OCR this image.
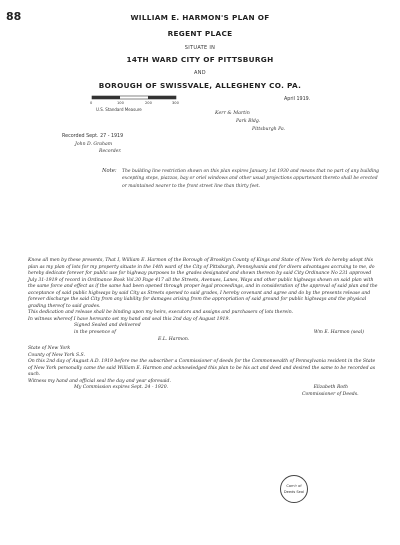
88	WILLIAM E. HARMON'S PLAN OF
REGENT PLACE
SITUATE IN
14TH WARD CITY OF PITTSBURGH
AND
BOROUGH OF SWISSVALE, ALLEGHENY CO. PA.
0	100	200	300
U.S. Standard Measure
April 1919.
Kerr & Martin
Park Bldg.
Pittsburgh Pa.
Recorded Sept. 27 - 1919
John D. Graham
Recorder.
Note: The building line restriction shown on this plan expires January 1st 1930 and means that no part of any building excepting steps, piazzas, bay or oriel windows and other usual projections appurtenant thereto shall be erected or maintained nearer to the front street line than thirty feet.

Know all men by these presents, That I, William E. Harmon of the Borough of Brooklyn County of Kings and State of New York do hereby adopt this plan as my plan of lots for my property situate in the 14th ward of the City of Pittsburgh, Pennsylvania and for divers advantages accruing to me, do hereby dedicate forever for public use for highway purposes to the grades designated and shown thereon by said City Ordinance No 231 approved July 31-1919 of record in Ordinance Book Vol.30 Page 417 all the Streets, Avenues, Lanes, Ways and other public highways shown on said plan with the same force and effect as if the same had been opened through proper legal proceedings, and in consideration of the approval of said plan and the acceptance of said public highways by said City as Streets opened to said grades, I hereby covenant and agree and do by the presents release and forever discharge the said City from any liability for damages arising from the appropriation of said ground for public highways and the physical grading thereof to said grades.

This dedication and release shall be binding upon my heirs, executors and assigns and purchasers of lots therein.

In witness whereof I have hereunto set my hand and seal this 2nd day of August 1919.

Signed Sealed and delivered

in the presence of	Wm E. Harmon (seal)

E.L. Harmon.

State of New York

County of New York S.S.

On this 2nd day of August A.D. 1919 before me the subscriber a Commissioner of deeds for the Commonwealth of Pennsylvania resident in the State of New York personally came the said William E. Harmon and acknowledged this plan to be his act and deed and desired the same to be recorded as such.

Witness my hand and official seal the day and year aforesaid.

My Commission expires Sept. 24 - 1920.	Elizabeth Roth

Commissioner of Deeds.

Com'r of
Deeds Seal
